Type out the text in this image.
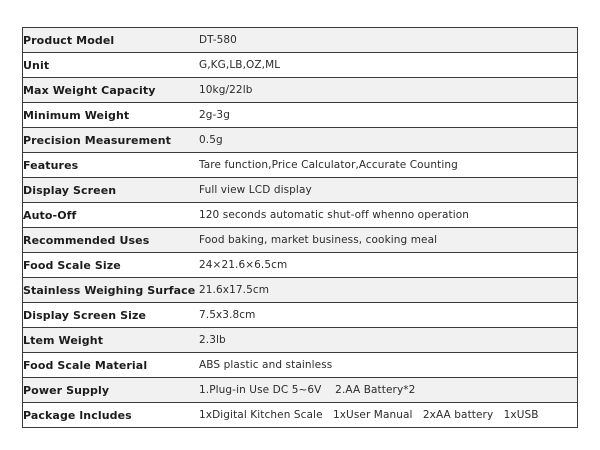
Product Model	DT-580
Unit	G,KG,LB,OZ,ML
Max Weight Capacity	10kg/22lb
Minimum Weight	2g-3g
Precision Measurement	0.5g
Features	Tare function,Price Calculator,Accurate Counting
Display Screen	Full view LCD display
Auto-Off	120 seconds automatic shut-off whenno operation
Recommended Uses	Food baking, market business, cooking meal
Food Scale Size	24×21.6×6.5cm
Stainless Weighing Surface	21.6x17.5cm
Display Screen Size	7.5x3.8cm
Ltem Weight	2.3lb
Food Scale Material	ABS plastic and stainless
Power Supply	1.Plug-in Use DC 5~6V    2.AA Battery*2
Package lncludes	1xDigital Kitchen Scale   1xUser Manual   2xAA battery   1xUSB
